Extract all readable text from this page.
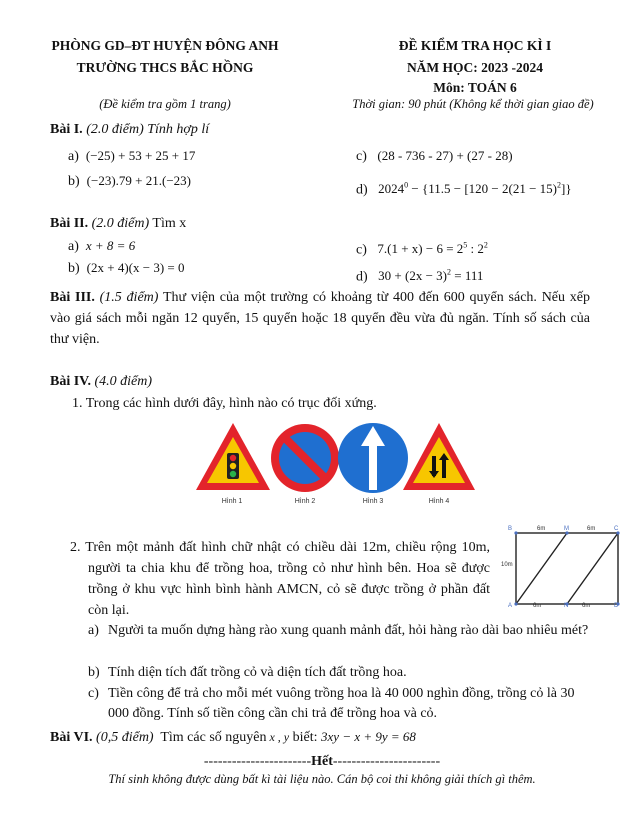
PHÒNG GD–ĐT HUYỆN ĐÔNG ANH
TRƯỜNG THCS BẮC HỒNG
(Đề kiểm tra gồm 1 trang)
ĐỀ KIỂM TRA HỌC KÌ I
NĂM HỌC: 2023 -2024
Môn: TOÁN 6
Thời gian: 90 phút (Không kể thời gian giao đề)
Bài I. (2.0 điểm) Tính hợp lí
a) (−25) + 53 + 25 + 17
b) (−23).79 + 21.(−23)
c) (28 - 736 - 27) + (27 - 28)
d) $2024^0 - \{11.5 - [120 - 2(21 - 15)^2]\}$
Bài II. (2.0 điểm) Tìm x
a) x + 8 = 6
b) (2x + 4)(x − 3) = 0
c) $7.(1 + x) - 6 = 2^5$ : $2^2$
d) $30 + (2x - 3)^2 = 111$
Bài III. (1.5 điểm) Thư viện của một trường có khoảng từ 400 đến 600 quyển sách. Nếu xếp vào giá sách mỗi ngăn 12 quyển, 15 quyển hoặc 18 quyển đều vừa đủ ngăn. Tính số sách của thư viện.
Bài IV. (4.0 điểm)
1. Trong các hình dưới đây, hình nào có trục đối xứng.
Hình 1	Hình 2	Hình 3	Hình 4
2. Trên một mảnh đất hình chữ nhật có chiều dài 12m, chiều rộng 10m, người ta chia khu để trồng hoa, trồng cỏ như hình bên. Hoa sẽ được trồng ở khu vực hình bình hành AMCN, cỏ sẽ được trồng ở phần đất còn lại.
B	M	C
A	N	D
6m	6m
6m	6m
10m
a) Người ta muốn dựng hàng rào xung quanh mảnh đất, hỏi hàng rào dài bao nhiêu mét?
b) Tính diện tích đất trồng cỏ và diện tích đất trồng hoa.
c) Tiền công để trả cho mỗi mét vuông trồng hoa là 40 000 nghìn đồng, trồng cỏ là 30 000 đồng. Tính số tiền công cần chi trả để trồng hoa và cỏ.
Bài VI. (0,5 điểm) Tìm các số nguyên x , y biết: 3xy − x + 9y = 68
-----------------------Hết-----------------------
Thí sinh không được dùng bất kì tài liệu nào. Cán bộ coi thi không giải thích gì thêm.
